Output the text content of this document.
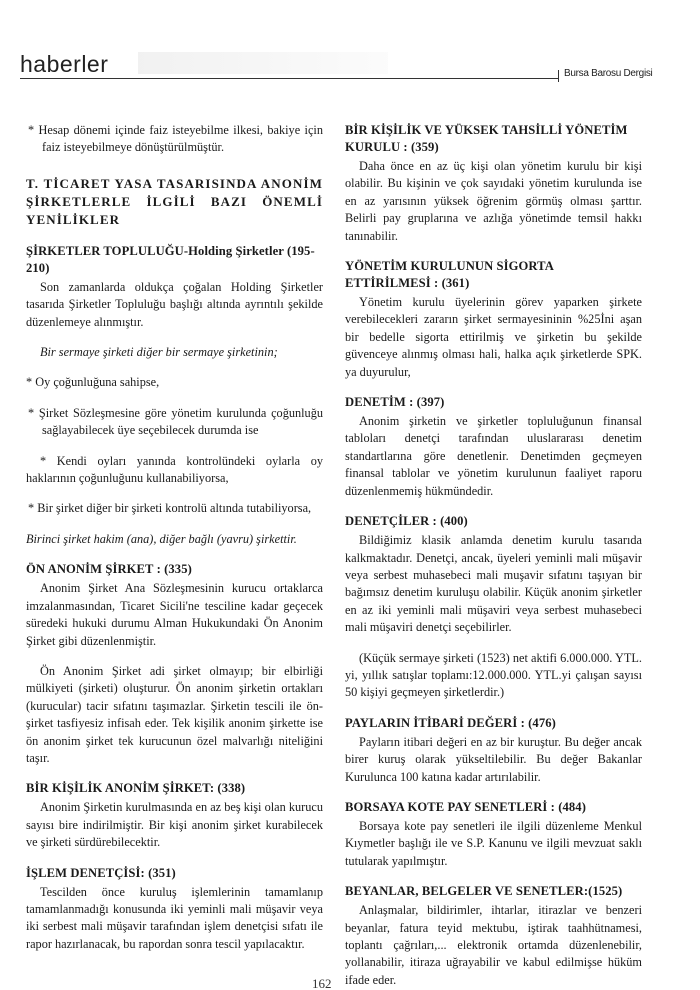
haberler	Bursa Barosu Dergisi

* Hesap dönemi içinde faiz isteyebilme ilkesi, bakiye için faiz isteyebilmeye dönüştürülmüştür.

T. TİCARET YASA TASARISINDA ANONİM ŞİRKETLERLE İLGİLİ BAZI ÖNEMLİ YENİLİKLER
ŞİRKETLER TOPLULUĞU-Holding Şirketler (195-210)

Son zamanlarda oldukça çoğalan Holding Şirketler tasarıda Şirketler Topluluğu başlığı altında ayrıntılı şekilde düzenlemeye alınmıştır.

Bir sermaye şirketi diğer bir sermaye şirketinin;

* Oy çoğunluğuna sahipse,

* Şirket Sözleşmesine göre yönetim kurulunda çoğunluğu sağlayabilecek üye seçebilecek durumda ise

* Kendi oyları yanında kontrolündeki oylarla oy haklarının çoğunluğunu kullanabiliyorsa,

* Bir şirket diğer bir şirketi kontrolü altında tutabiliyorsa,

Birinci şirket hakim (ana), diğer bağlı (yavru) şirkettir.

ÖN ANONİM ŞİRKET : (335)

Anonim Şirket Ana Sözleşmesinin kurucu ortaklarca imzalanmasından, Ticaret Sicili'ne tesciline kadar geçecek süredeki hukuki durumu Alman Hukukundaki Ön Anonim Şirket gibi düzenlenmiştir.

Ön Anonim Şirket adi şirket olmayıp; bir elbirliği mülkiyeti (şirketi) oluşturur. Ön anonim şirketin ortakları (kurucular) tacir sıfatını taşımazlar. Şirketin tescili ile ön-şirket tasfiyesiz infisah eder. Tek kişilik anonim şirkette ise ön anonim şirket tek kurucunun özel malvarlığı niteliğini taşır.

BİR KİŞİLİK ANONİM ŞİRKET: (338)

Anonim Şirketin kurulmasında en az beş kişi olan kurucu sayısı bire indirilmiştir. Bir kişi anonim şirket kurabilecek ve şirketi sürdürebilecektir.

İŞLEM DENETÇİSİ: (351)

Tescilden önce kuruluş işlemlerinin tamamlanıp tamamlanmadığı konusunda iki yeminli mali müşavir veya iki serbest mali müşavir tarafından işlem denetçisi sıfatı ile rapor hazırlanacak, bu rapordan sonra tescil yapılacaktır.

BİR KİŞİLİK VE YÜKSEK TAHSİLLİ YÖNETİM KURULU : (359)

Daha önce en az üç kişi olan yönetim kurulu bir kişi olabilir. Bu kişinin ve çok sayıdaki yönetim kurulunda ise en az yarısının yüksek öğrenim görmüş olması şarttır. Belirli pay gruplarına ve azlığa yönetimde temsil hakkı tanınabilir.

YÖNETİM KURULUNUN SİGORTA ETTİRİLMESİ : (361)

Yönetim kurulu üyelerinin görev yaparken şirkete verebilecekleri zararın şirket sermayesininin %25İni aşan bir bedelle sigorta ettirilmiş ve şirketin bu şekilde güvenceye alınmış olması hali, halka açık şirketlerde SPK. ya duyurulur,

DENETİM : (397)

Anonim şirketin ve şirketler topluluğunun finansal tabloları denetçi tarafından uluslararası denetim standartlarına göre denetlenir. Denetimden geçmeyen finansal tablolar ve yönetim kurulunun faaliyet raporu düzenlenmemiş hükmündedir.

DENETÇİLER : (400)

Bildiğimiz klasik anlamda denetim kurulu tasarıda kalkmaktadır. Denetçi, ancak, üyeleri yeminli mali müşavir veya serbest muhasebeci mali muşavir sıfatını taşıyan bir bağımsız denetim kuruluşu olabilir. Küçük anonim şirketler en az iki yeminli mali müşaviri veya serbest muhasebeci mali müşaviri denetçi seçebilirler.

(Küçük sermaye şirketi (1523) net aktifi 6.000.000. YTL. yi, yıllık satışlar toplamı:12.000.000. YTL.yi çalışan sayısı 50 kişiyi geçmeyen şirketlerdir.)

PAYLARIN İTİBARİ DEĞERİ : (476)

Payların itibari değeri en az bir kuruştur. Bu değer ancak birer kuruş olarak yükseltilebilir. Bu değer Bakanlar Kurulunca 100 katına kadar artırılabilir.

BORSAYA KOTE PAY SENETLERİ : (484)

Borsaya kote pay senetleri ile ilgili düzenleme Menkul Kıymetler başlığı ile ve S.P. Kanunu ve ilgili mevzuat saklı tutularak yapılmıştır.

BEYANLAR, BELGELER VE SENETLER:(1525)

Anlaşmalar, bildirimler, ihtarlar, itirazlar ve benzeri beyanlar, fatura teyid mektubu, iştirak taahhütnamesi, toplantı çağrıları,... elektronik ortamda düzenlenebilir, yollanabilir, itiraza uğrayabilir ve kabul edilmişse hüküm ifade eder.

162
